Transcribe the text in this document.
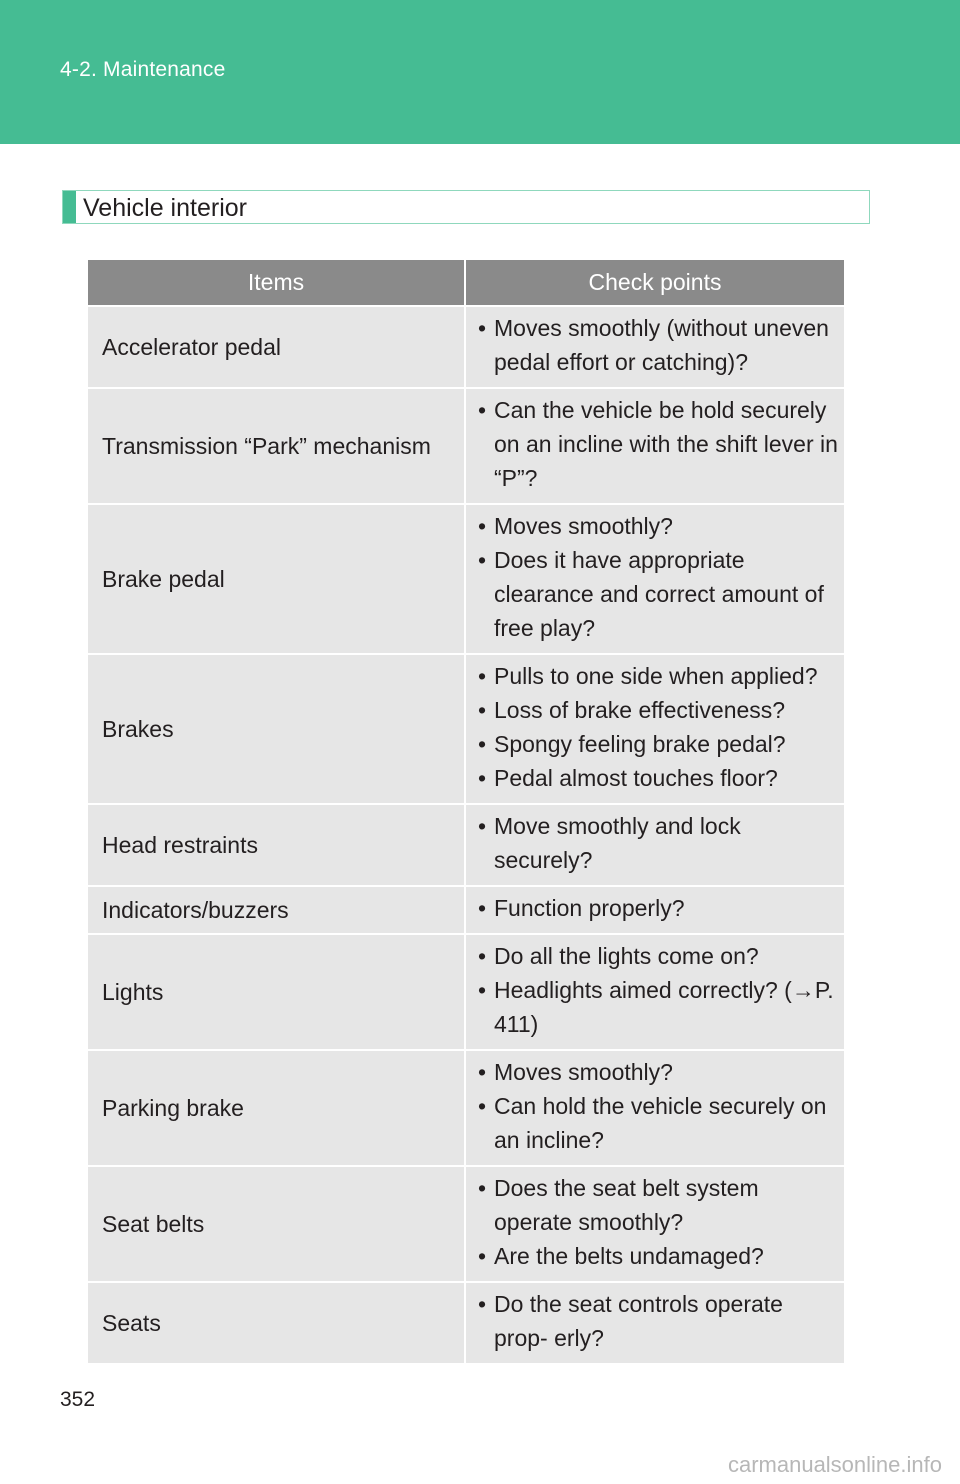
4-2. Maintenance
Vehicle interior
Items	Check points
Accelerator pedal	• Moves smoothly (without uneven pedal effort or catching)?

Transmission “Park” mechanism	• Can the vehicle be hold securely on an incline with the shift lever in “P”?

Brake pedal	• Moves smoothly?
• Does it have appropriate clearance and correct amount of free play?

Brakes	• Pulls to one side when applied?
• Loss of brake effectiveness?
• Spongy feeling brake pedal?
• Pedal almost touches floor?

Head restraints	• Move smoothly and lock securely?

Indicators/buzzers	• Function properly?

Lights	• Do all the lights come on?
• Headlights aimed correctly? (→P. 411)

Parking brake	• Moves smoothly?
• Can hold the vehicle securely on an incline?

Seat belts	• Does the seat belt system operate smoothly?
• Are the belts undamaged?

Seats	• Do the seat controls operate prop- erly?
352
carmanualsonline.info
